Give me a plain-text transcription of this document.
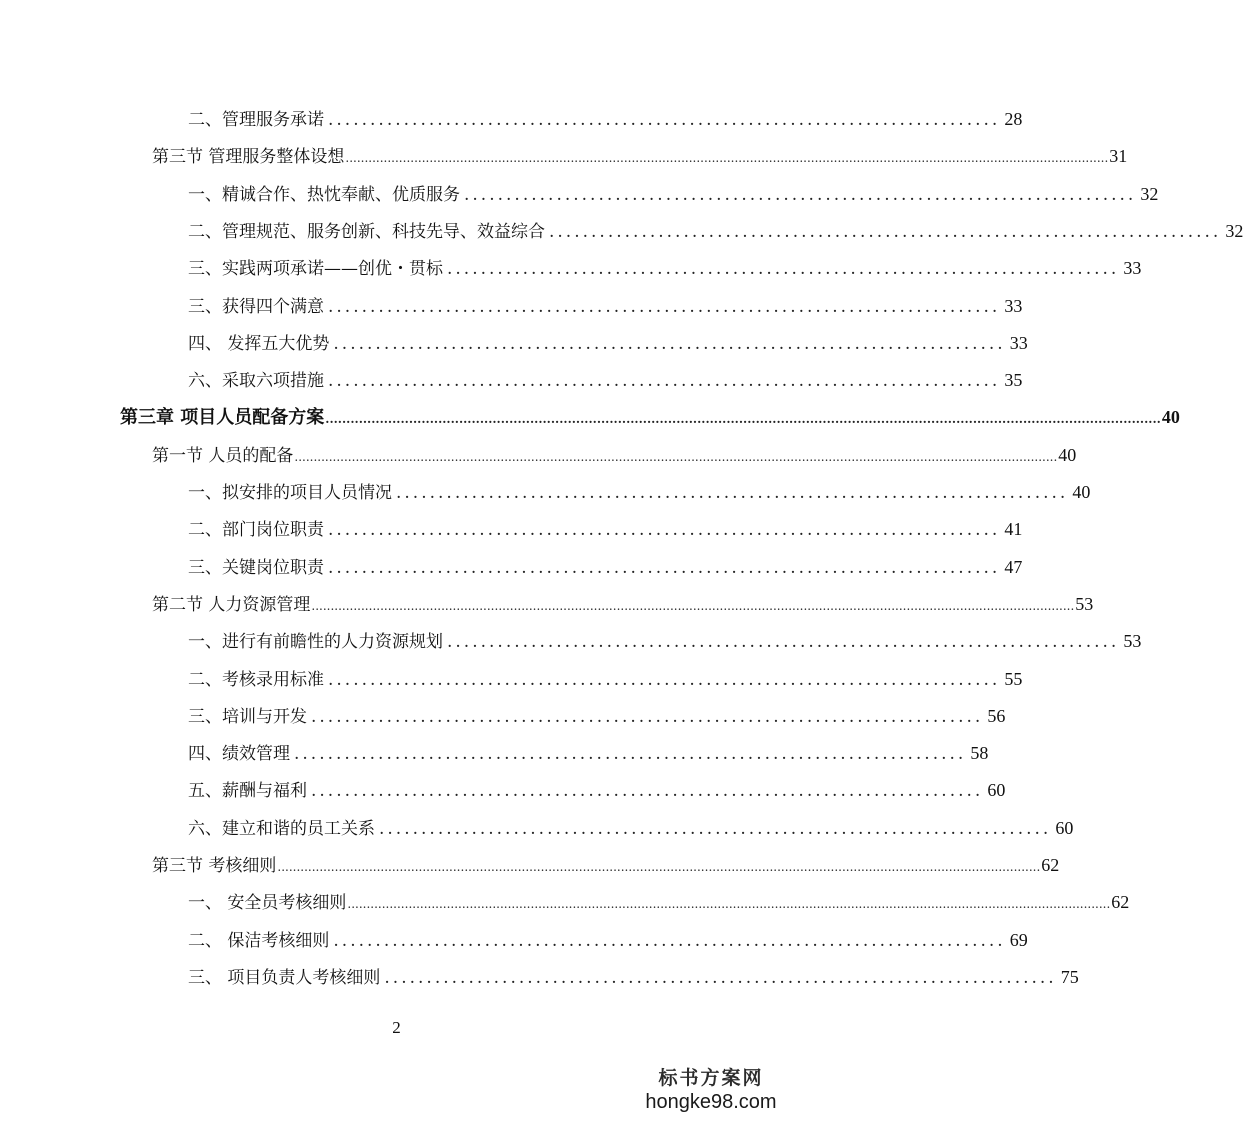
二、管理服务承诺 ................................................................................ 28
第三节 管理服务整体设想 ........................................................................................................................................................................................................ 31
一、精诚合作、热忱奉献、优质服务 ................................................................................ 32
二、管理规范、服务创新、科技先导、效益综合 ................................................................................ 32
三、实践两项承诺——创优・贯标 ................................................................................ 33
三、获得四个满意 ................................................................................ 33
四、 发挥五大优势 ................................................................................ 33
六、采取六项措施 ................................................................................ 35
第三章 项目人员配备方案 ........................................................................................................................................................................................................ 40
第一节 人员的配备 ........................................................................................................................................................................................................ 40
一、拟安排的项目人员情况 ................................................................................ 40
二、部门岗位职责 ................................................................................ 41
三、关键岗位职责 ................................................................................ 47
第二节 人力资源管理 ........................................................................................................................................................................................................ 53
一、进行有前瞻性的人力资源规划 ................................................................................ 53
二、考核录用标准 ................................................................................ 55
三、培训与开发 ................................................................................ 56
四、绩效管理 ................................................................................ 58
五、薪酬与福利 ................................................................................ 60
六、建立和谐的员工关系 ................................................................................ 60
第三节 考核细则 ........................................................................................................................................................................................................ 62
一、 安全员考核细则 ........................................................................................................................................................................................................ 62
二、 保洁考核细则 ................................................................................ 69
三、 项目负责人考核细则 ................................................................................ 75
2
标书方案网
hongke98.com
